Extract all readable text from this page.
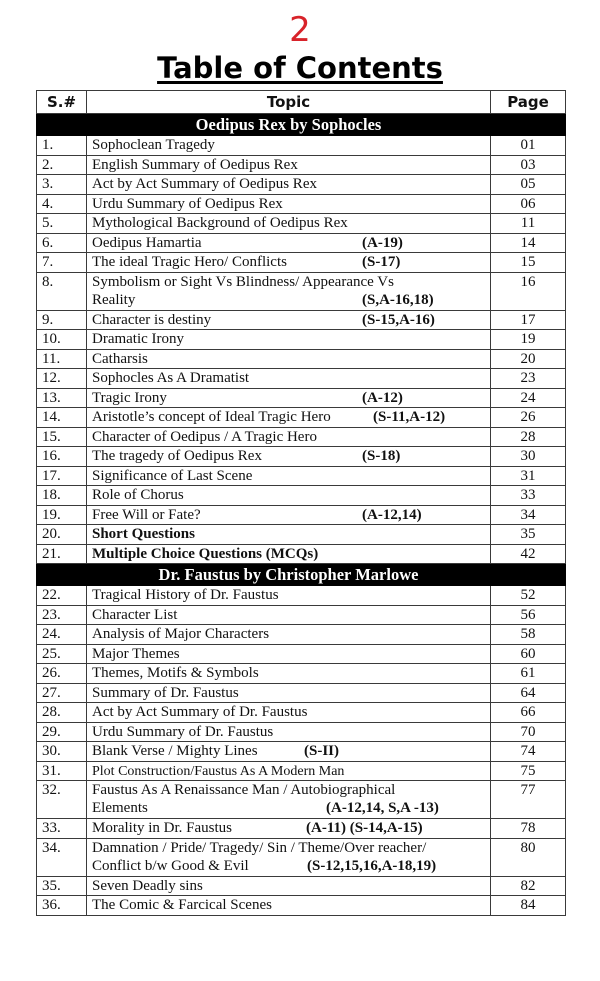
2
Table of Contents
S.#	Topic	Page
	Oedipus Rex by Sophocles	
1.	Sophoclean Tragedy	01
2.	English Summary of Oedipus Rex	03
3.	Act by Act Summary of Oedipus Rex	05
4.	Urdu Summary of Oedipus Rex	06
5.	Mythological Background of Oedipus Rex	11
6.	Oedipus Hamartia (A-19)	14
7.	The ideal Tragic Hero/ Conflicts (S-17)	15
8.	Symbolism or Sight Vs Blindness/ Appearance Vs
Reality (S,A-16,18)	16
9.	Character is destiny (S-15,A-16)	17
10.	Dramatic Irony	19
11.	Catharsis	20
12.	Sophocles As A Dramatist	23
13.	Tragic Irony (A-12)	24
14.	Aristotle’s concept of Ideal Tragic Hero (S-11,A-12)	26
15.	Character of Oedipus / A Tragic Hero	28
16.	The tragedy of Oedipus Rex (S-18)	30
17.	Significance of Last Scene	31
18.	Role of Chorus	33
19.	Free Will or Fate? (A-12,14)	34
20.	Short Questions	35
21.	Multiple Choice Questions (MCQs)	42
	Dr. Faustus by Christopher Marlowe	
22.	Tragical History of Dr. Faustus	52
23.	Character List	56
24.	Analysis of Major Characters	58
25.	Major Themes	60
26.	Themes, Motifs & Symbols	61
27.	Summary of Dr. Faustus	64
28.	Act by Act Summary of Dr. Faustus	66
29.	Urdu Summary of Dr. Faustus	70
30.	Blank Verse / Mighty Lines (S-II)	74
31.	Plot Construction/Faustus As A Modern Man	75
32.	Faustus As A Renaissance Man / Autobiographical
Elements (A-12,14, S,A -13)	77
33.	Morality in Dr. Faustus (A-11) (S-14,A-15)	78
34.	Damnation / Pride/ Tragedy/ Sin / Theme/Over reacher/
Conflict b/w Good & Evil (S-12,15,16,A-18,19)	80
35.	Seven Deadly sins	82
36.	The Comic & Farcical Scenes	84
